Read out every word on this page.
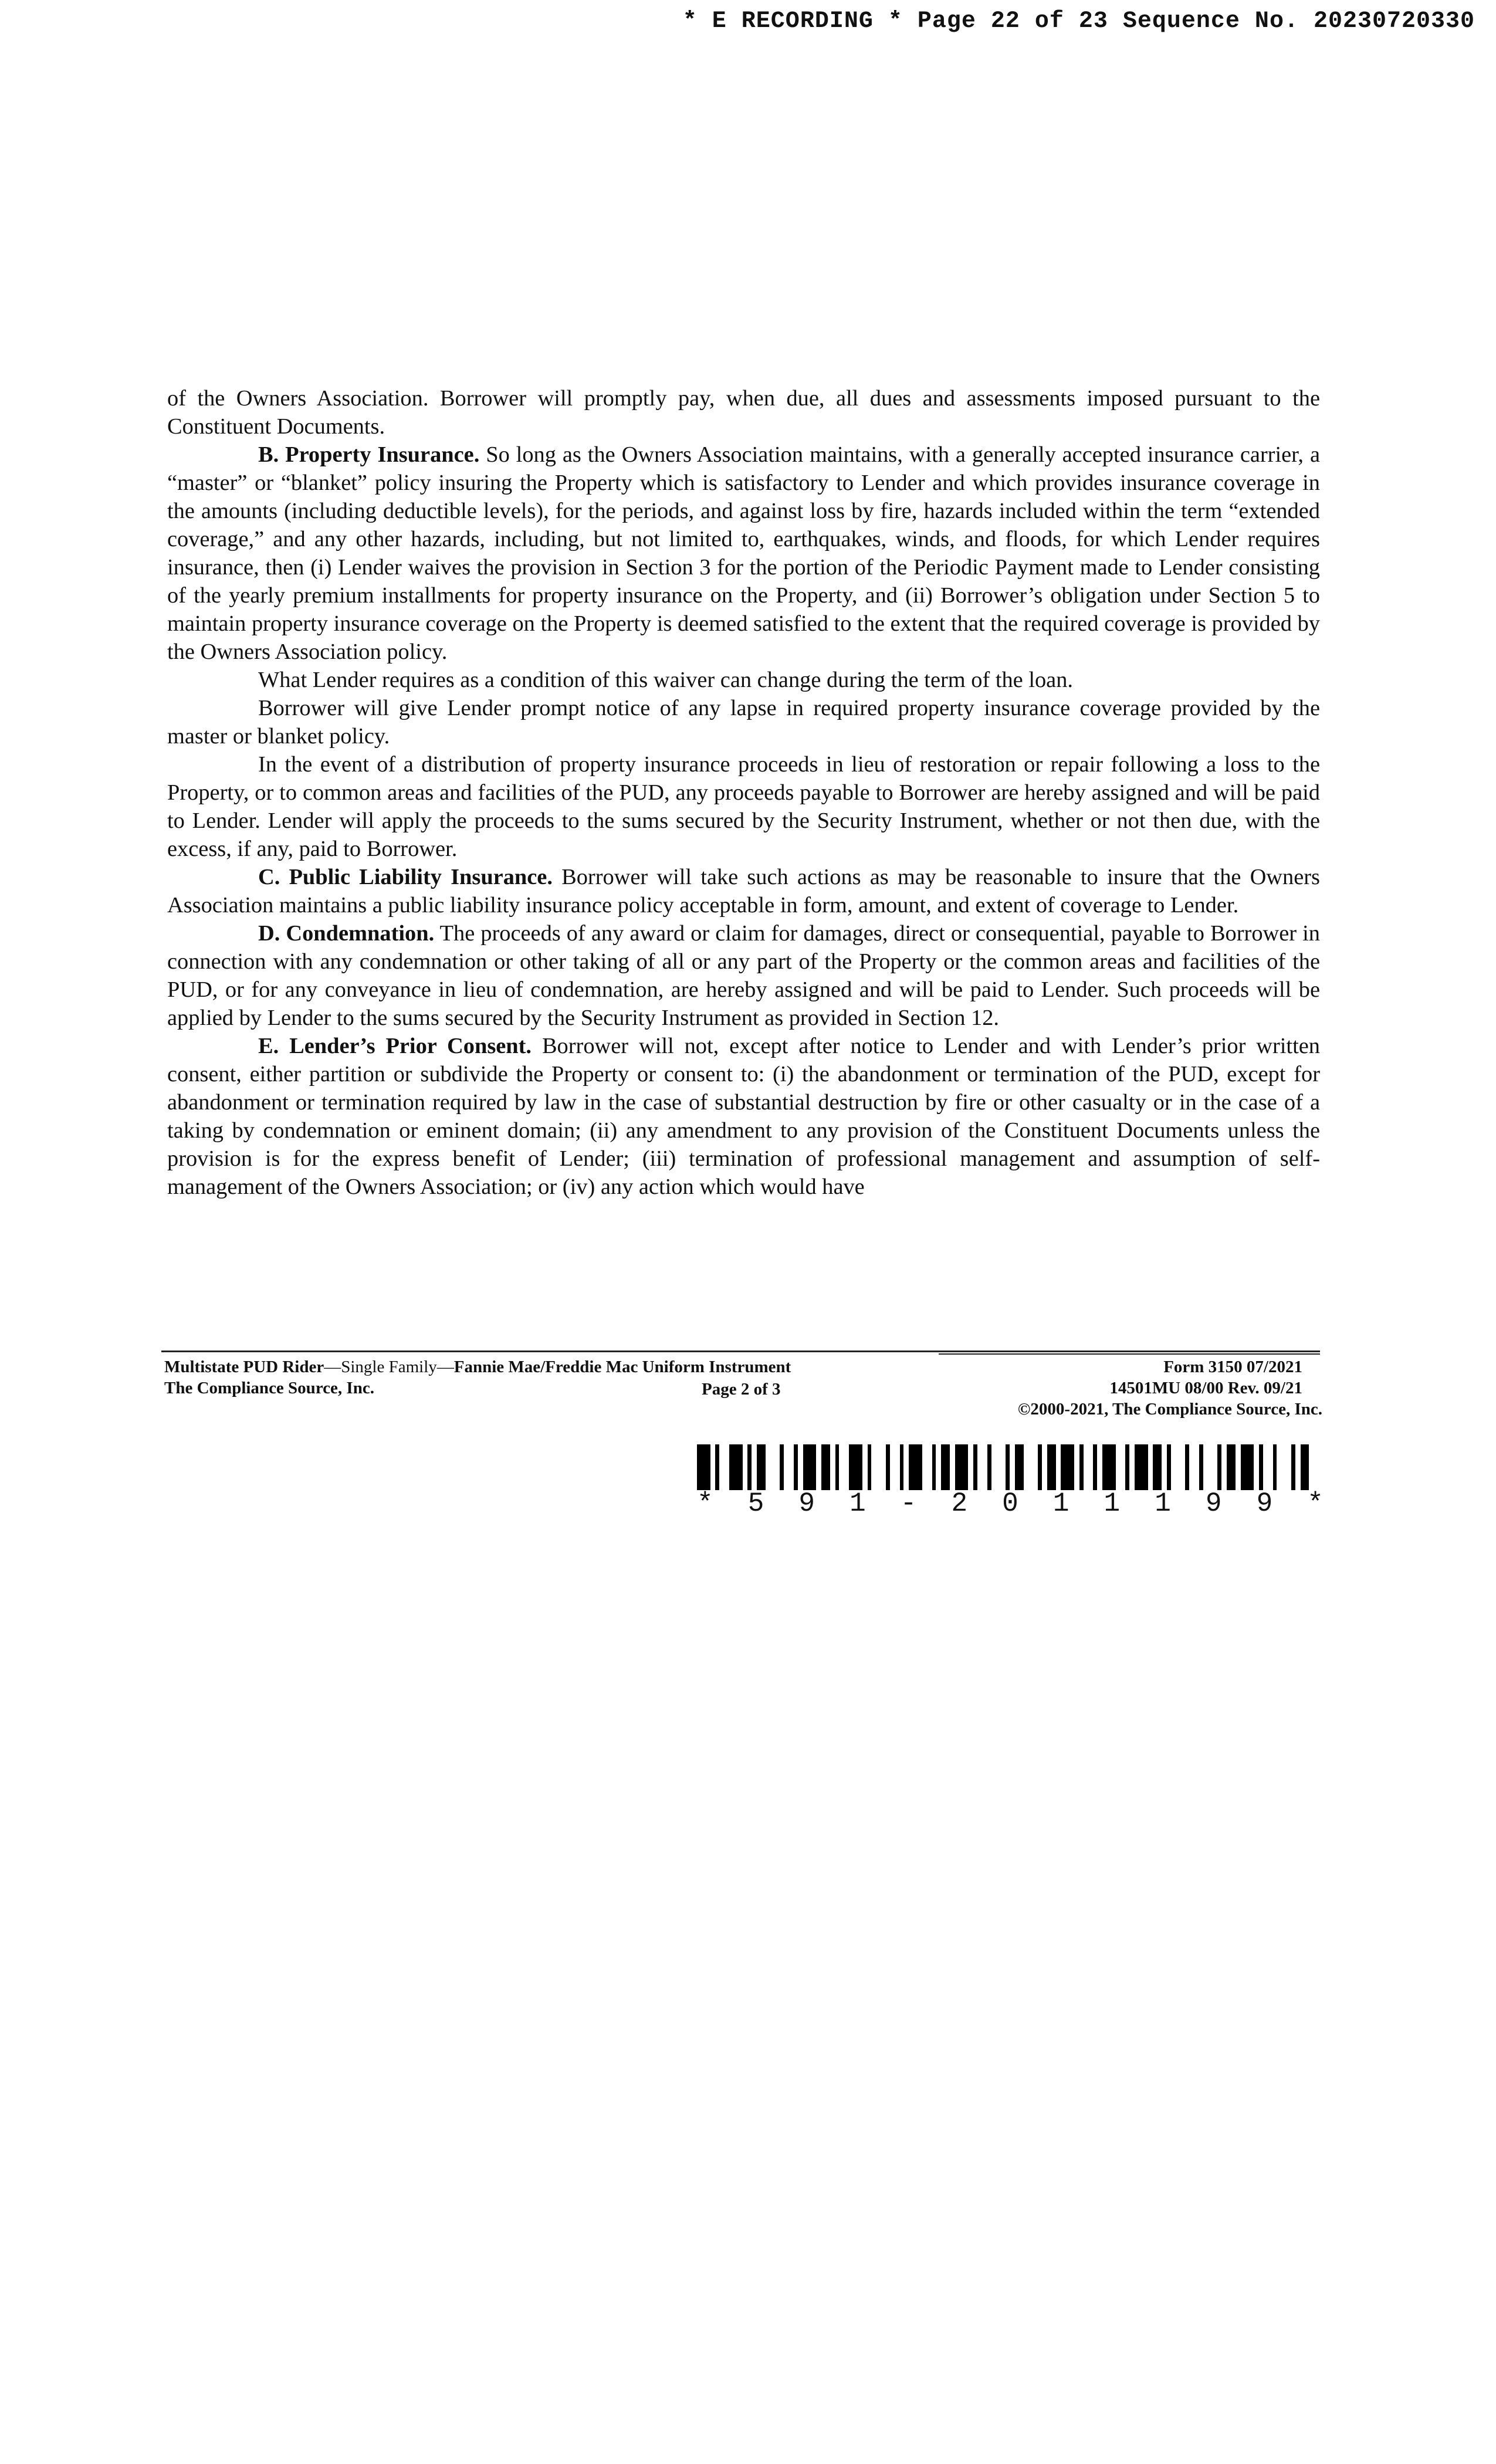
* E RECORDING * Page 22 of 23 Sequence No. 20230720330

of the Owners Association. Borrower will promptly pay, when due, all dues and assessments imposed pursuant to the Constituent Documents.

B. Property Insurance. So long as the Owners Association maintains, with a generally accepted insurance carrier, a “master” or “blanket” policy insuring the Property which is satisfactory to Lender and which provides insurance coverage in the amounts (including deductible levels), for the periods, and against loss by fire, hazards included within the term “extended coverage,” and any other hazards, including, but not limited to, earthquakes, winds, and floods, for which Lender requires insurance, then (i) Lender waives the provision in Section 3 for the portion of the Periodic Payment made to Lender consisting of the yearly premium installments for property insurance on the Property, and (ii) Borrower’s obligation under Section 5 to maintain property insurance coverage on the Property is deemed satisfied to the extent that the required coverage is provided by the Owners Association policy.

What Lender requires as a condition of this waiver can change during the term of the loan.

Borrower will give Lender prompt notice of any lapse in required property insurance coverage provided by the master or blanket policy.

In the event of a distribution of property insurance proceeds in lieu of restoration or repair following a loss to the Property, or to common areas and facilities of the PUD, any proceeds payable to Borrower are hereby assigned and will be paid to Lender. Lender will apply the proceeds to the sums secured by the Security Instrument, whether or not then due, with the excess, if any, paid to Borrower.

C. Public Liability Insurance. Borrower will take such actions as may be reasonable to insure that the Owners Association maintains a public liability insurance policy acceptable in form, amount, and extent of coverage to Lender.

D. Condemnation. The proceeds of any award or claim for damages, direct or consequential, payable to Borrower in connection with any condemnation or other taking of all or any part of the Property or the common areas and facilities of the PUD, or for any conveyance in lieu of condemnation, are hereby assigned and will be paid to Lender. Such proceeds will be applied by Lender to the sums secured by the Security Instrument as provided in Section 12.

E. Lender’s Prior Consent. Borrower will not, except after notice to Lender and with Lender’s prior written consent, either partition or subdivide the Property or consent to: (i) the abandonment or termination of the PUD, except for abandonment or termination required by law in the case of substantial destruction by fire or other casualty or in the case of a taking by condemnation or eminent domain; (ii) any amendment to any provision of the Constituent Documents unless the provision is for the express benefit of Lender; (iii) termination of professional management and assumption of self-management of the Owners Association; or (iv) any action which would have

Multistate PUD Rider—Single Family—Fannie Mae/Freddie Mac Uniform Instrument
The Compliance Source, Inc.	Page 2 of 3
Form 3150 07/2021
14501MU 08/00 Rev. 09/21
©2000-2021, The Compliance Source, Inc.
* 5 9 1 - 2 0 1 1 1 9 9 *
